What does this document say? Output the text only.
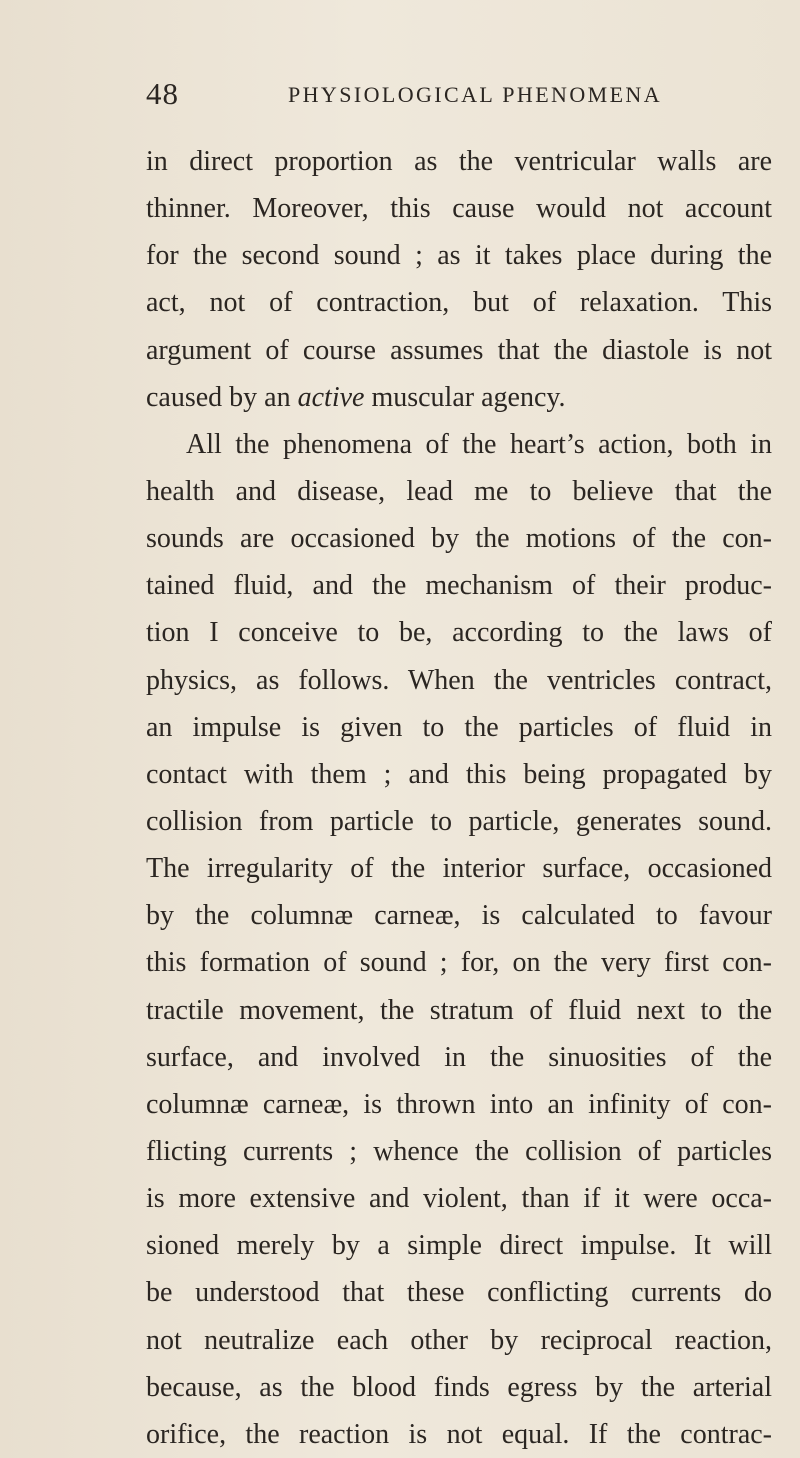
48	PHYSIOLOGICAL PHENOMENA
in direct proportion as the ventricular walls are
thinner. Moreover, this cause would not account
for the second sound ; as it takes place during the
act, not of contraction, but of relaxation. This
argument of course assumes that the diastole is not
caused by an active muscular agency.
All the phenomena of the heart’s action, both in
health and disease, lead me to believe that the
sounds are occasioned by the motions of the con-
tained fluid, and the mechanism of their produc-
tion I conceive to be, according to the laws of
physics, as follows. When the ventricles contract,
an impulse is given to the particles of fluid in
contact with them ; and this being propagated by
collision from particle to particle, generates sound.
The irregularity of the interior surface, occasioned
by the columnæ carneæ, is calculated to favour
this formation of sound ; for, on the very first con-
tractile movement, the stratum of fluid next to the
surface, and involved in the sinuosities of the
columnæ carneæ, is thrown into an infinity of con-
flicting currents ; whence the collision of particles
is more extensive and violent, than if it were occa-
sioned merely by a simple direct impulse. It will
be understood that these conflicting currents do
not neutralize each other by reciprocal reaction,
because, as the blood finds egress by the arterial
orifice, the reaction is not equal. If the contrac-
